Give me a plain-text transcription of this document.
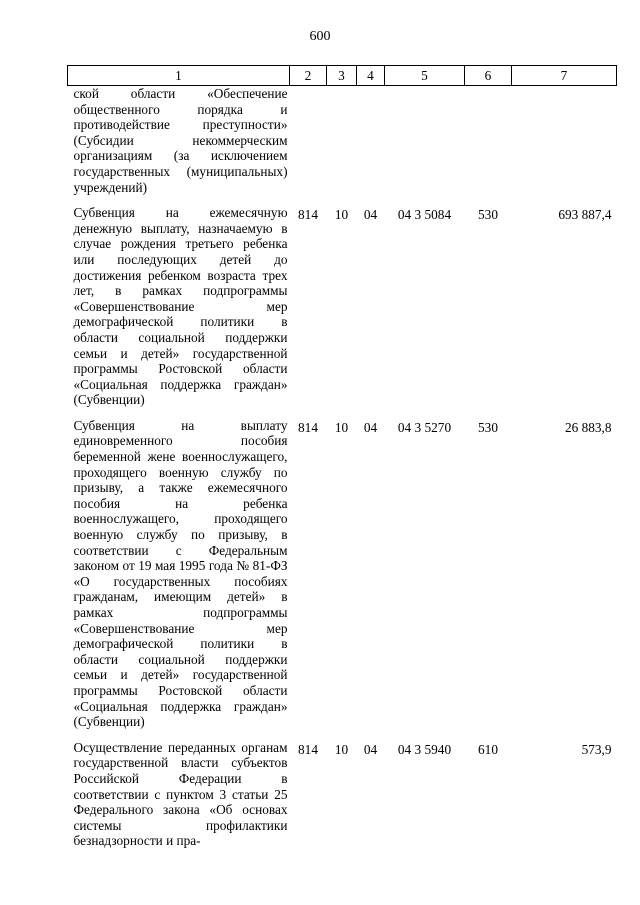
600
1	2	3	4	5	6	7
ской области «Обеспечение общественного порядка и противодействие преступности» (Субсидии некоммерческим организациям (за исключением государственных (муниципальных) учреждений)						
Субвенция на ежемесячную денежную выплату, назначаемую в случае рождения третьего ребенка или последующих детей до достижения ребенком возраста трех лет, в рамках подпрограммы «Совершенствование мер демографической политики в области социальной поддержки семьи и детей» государственной программы Ростовской области «Социальная поддержка граждан» (Субвенции)	814	10	04	04 3 5084	530	693 887,4
Субвенция на выплату единовременного пособия беременной жене военнослужащего, проходящего военную службу по призыву, а также ежемесячного пособия на ребенка военнослужащего, проходящего военную службу по призыву, в соответствии с Федеральным законом от 19 мая 1995 года № 81-ФЗ «О государственных пособиях гражданам, имеющим детей» в рамках подпрограммы «Совершенствование мер демографической политики в области социальной поддержки семьи и детей» государственной программы Ростовской области «Социальная поддержка граждан» (Субвенции)	814	10	04	04 3 5270	530	26 883,8
Осуществление переданных органам государственной власти субъектов Российской Федерации в соответствии с пунктом 3 статьи 25 Федерального закона «Об основах системы профилактики безнадзорности и пра-	814	10	04	04 3 5940	610	573,9
